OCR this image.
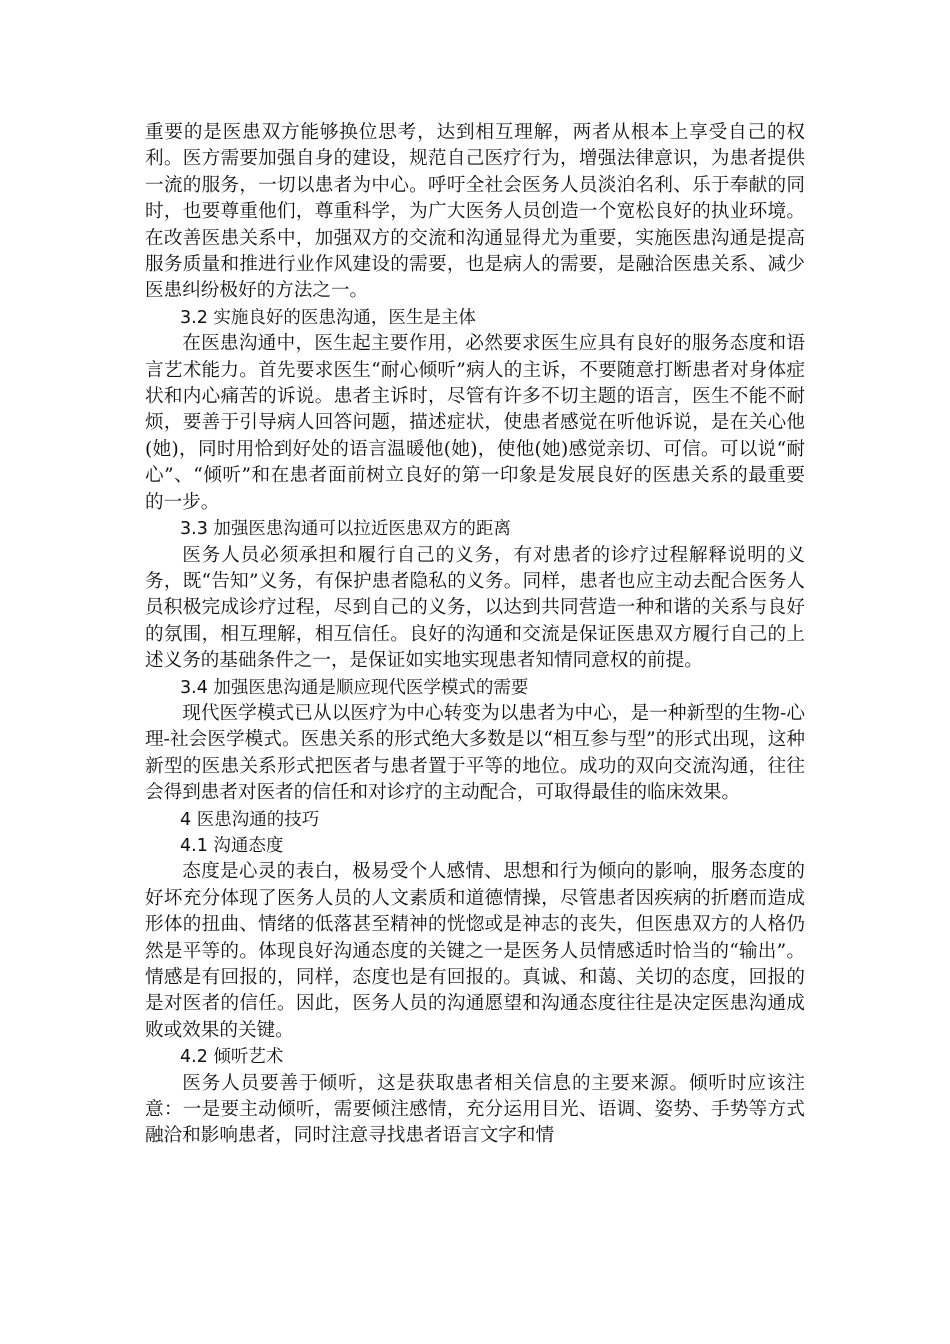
重要的是医患双方能够换位思考，达到相互理解，两者从根本上享受自己的权利。医方需要加强自身的建设，规范自己医疗行为，增强法律意识，为患者提供一流的服务，一切以患者为中心。呼吁全社会医务人员淡泊名利、乐于奉献的同时，也要尊重他们，尊重科学，为广大医务人员创造一个宽松良好的执业环境。在改善医患关系中，加强双方的交流和沟通显得尤为重要，实施医患沟通是提高服务质量和推进行业作风建设的需要，也是病人的需要，是融洽医患关系、减少医患纠纷极好的方法之一。

3.2 实施良好的医患沟通，医生是主体

在医患沟通中，医生起主要作用，必然要求医生应具有良好的服务态度和语言艺术能力。首先要求医生“耐心倾听”病人的主诉，不要随意打断患者对身体症状和内心痛苦的诉说。患者主诉时，尽管有许多不切主题的语言，医生不能不耐烦，要善于引导病人回答问题，描述症状，使患者感觉在听他诉说，是在关心他(她)，同时用恰到好处的语言温暖他(她)，使他(她)感觉亲切、可信。可以说“耐心”、“倾听”和在患者面前树立良好的第一印象是发展良好的医患关系的最重要的一步。

3.3 加强医患沟通可以拉近医患双方的距离

医务人员必须承担和履行自己的义务，有对患者的诊疗过程解释说明的义务，既“告知”义务，有保护患者隐私的义务。同样，患者也应主动去配合医务人员积极完成诊疗过程，尽到自己的义务，以达到共同营造一种和谐的关系与良好的氛围，相互理解，相互信任。良好的沟通和交流是保证医患双方履行自己的上述义务的基础条件之一，是保证如实地实现患者知情同意权的前提。

3.4 加强医患沟通是顺应现代医学模式的需要

现代医学模式已从以医疗为中心转变为以患者为中心，是一种新型的生物-心理-社会医学模式。医患关系的形式绝大多数是以“相互参与型”的形式出现，这种新型的医患关系形式把医者与患者置于平等的地位。成功的双向交流沟通，往往会得到患者对医者的信任和对诊疗的主动配合，可取得最佳的临床效果。

4 医患沟通的技巧

4.1 沟通态度

态度是心灵的表白，极易受个人感情、思想和行为倾向的影响，服务态度的好坏充分体现了医务人员的人文素质和道德情操，尽管患者因疾病的折磨而造成形体的扭曲、情绪的低落甚至精神的恍惚或是神志的丧失，但医患双方的人格仍然是平等的。体现良好沟通态度的关键之一是医务人员情感适时恰当的“输出”。情感是有回报的，同样，态度也是有回报的。真诚、和蔼、关切的态度，回报的是对医者的信任。因此，医务人员的沟通愿望和沟通态度往往是决定医患沟通成败或效果的关键。

4.2 倾听艺术

医务人员要善于倾听，这是获取患者相关信息的主要来源。倾听时应该注意：一是要主动倾听，需要倾注感情，充分运用目光、语调、姿势、手势等方式融洽和影响患者，同时注意寻找患者语言文字和情
